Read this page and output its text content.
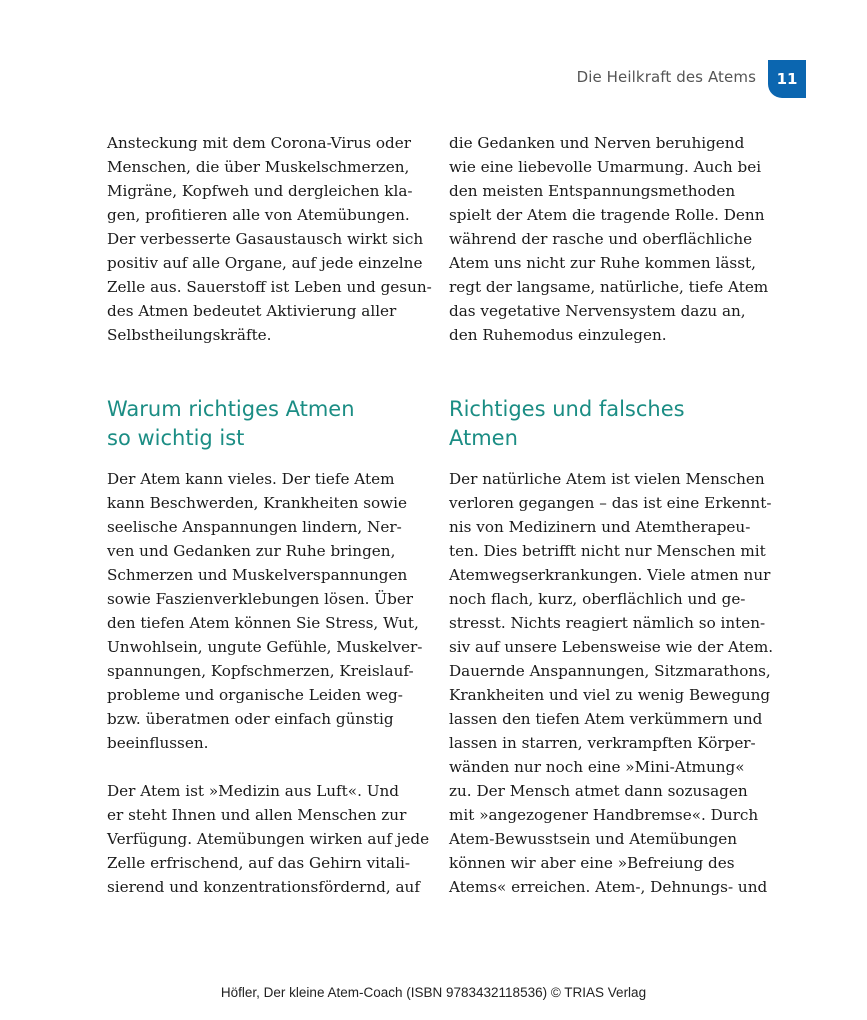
Die Heilkraft des Atems	11

Ansteckung mit dem Corona-Virus oder
Menschen, die über Muskelschmerzen,
Migräne, Kopfweh und dergleichen kla-
gen, profitieren alle von Atemübungen.
Der verbesserte Gasaustausch wirkt sich
positiv auf alle Organe, auf jede einzelne
Zelle aus. Sauerstoff ist Leben und gesun-
des Atmen bedeutet Aktivierung aller
Selbstheilungskräfte.

Warum richtiges Atmen
so wichtig ist

Der Atem kann vieles. Der tiefe Atem
kann Beschwerden, Krankheiten sowie
seelische Anspannungen lindern, Ner-
ven und Gedanken zur Ruhe bringen,
Schmerzen und Muskelverspannungen
sowie Faszienverklebungen lösen. Über
den tiefen Atem können Sie Stress, Wut,
Unwohlsein, ungute Gefühle, Muskelver-
spannungen, Kopfschmerzen, Kreislauf-
probleme und organische Leiden weg-
bzw. überatmen oder einfach günstig
beeinflussen.

Der Atem ist »Medizin aus Luft«. Und
er steht Ihnen und allen Menschen zur
Verfügung. Atemübungen wirken auf jede
Zelle erfrischend, auf das Gehirn vitali-
sierend und konzentrationsfördernd, auf

die Gedanken und Nerven beruhigend
wie eine liebevolle Umarmung. Auch bei
den meisten Entspannungsmethoden
spielt der Atem die tragende Rolle. Denn
während der rasche und oberflächliche
Atem uns nicht zur Ruhe kommen lässt,
regt der langsame, natürliche, tiefe Atem
das vegetative Nervensystem dazu an,
den Ruhemodus einzulegen.

Richtiges und falsches
Atmen

Der natürliche Atem ist vielen Menschen
verloren gegangen – das ist eine Erkennt-
nis von Medizinern und Atemtherapeu-
ten. Dies betrifft nicht nur Menschen mit
Atemwegserkrankungen. Viele atmen nur
noch flach, kurz, oberflächlich und ge-
stresst. Nichts reagiert nämlich so inten-
siv auf unsere Lebensweise wie der Atem.
Dauernde Anspannungen, Sitzmarathons,
Krankheiten und viel zu wenig Bewegung
lassen den tiefen Atem verkümmern und
lassen in starren, verkrampften Körper-
wänden nur noch eine »Mini-Atmung«
zu. Der Mensch atmet dann sozusagen
mit »angezogener Handbremse«. Durch
Atem-Bewusstsein und Atemübungen
können wir aber eine »Befreiung des
Atems« erreichen. Atem-, Dehnungs- und

Höfler, Der kleine Atem-Coach (ISBN 9783432118536) © TRIAS Verlag
